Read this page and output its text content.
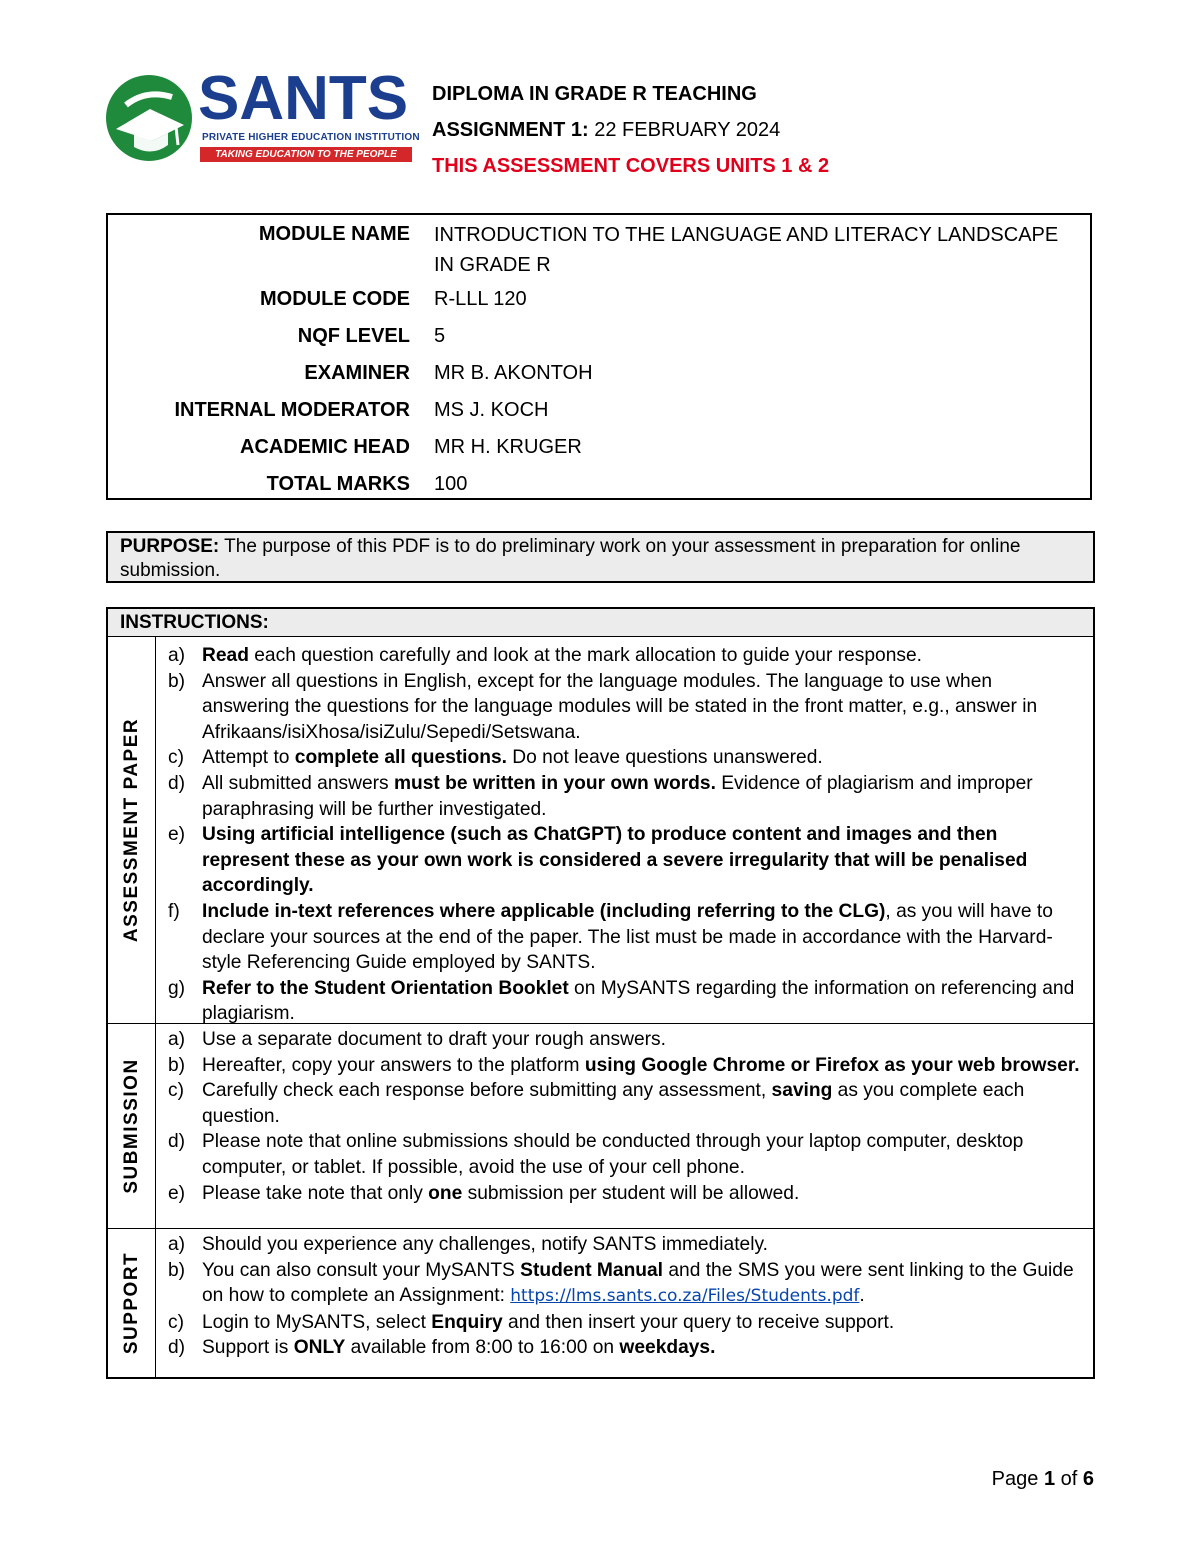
SANTS
PRIVATE HIGHER EDUCATION INSTITUTION
TAKING EDUCATION TO THE PEOPLE
DIPLOMA IN GRADE R TEACHING
ASSIGNMENT 1: 22 FEBRUARY 2024
THIS ASSESSMENT COVERS UNITS 1 & 2
MODULE NAME INTRODUCTION TO THE LANGUAGE AND LITERACY LANDSCAPE IN GRADE R
MODULE CODE R-LLL 120
NQF LEVEL 5
EXAMINER MR B. AKONTOH
INTERNAL MODERATOR MS J. KOCH
ACADEMIC HEAD MR H. KRUGER
TOTAL MARKS 100
PURPOSE: The purpose of this PDF is to do preliminary work on your assessment in preparation for online submission.
INSTRUCTIONS:
ASSESSMENT PAPER
a) Read each question carefully and look at the mark allocation to guide your response.
b) Answer all questions in English, except for the language modules. The language to use when answering the questions for the language modules will be stated in the front matter, e.g., answer in Afrikaans/isiXhosa/isiZulu/Sepedi/Setswana.
c) Attempt to complete all questions. Do not leave questions unanswered.
d) All submitted answers must be written in your own words. Evidence of plagiarism and improper paraphrasing will be further investigated.
e) Using artificial intelligence (such as ChatGPT) to produce content and images and then represent these as your own work is considered a severe irregularity that will be penalised accordingly.
f) Include in-text references where applicable (including referring to the CLG), as you will have to declare your sources at the end of the paper. The list must be made in accordance with the Harvard-style Referencing Guide employed by SANTS.
g) Refer to the Student Orientation Booklet on MySANTS regarding the information on referencing and plagiarism.
SUBMISSION
a) Use a separate document to draft your rough answers.
b) Hereafter, copy your answers to the platform using Google Chrome or Firefox as your web browser.
c) Carefully check each response before submitting any assessment, saving as you complete each question.
d) Please note that online submissions should be conducted through your laptop computer, desktop computer, or tablet. If possible, avoid the use of your cell phone.
e) Please take note that only one submission per student will be allowed.
SUPPORT
a) Should you experience any challenges, notify SANTS immediately.
b) You can also consult your MySANTS Student Manual and the SMS you were sent linking to the Guide on how to complete an Assignment: https://lms.sants.co.za/Files/Students.pdf.
c) Login to MySANTS, select Enquiry and then insert your query to receive support.
d) Support is ONLY available from 8:00 to 16:00 on weekdays.
Page 1 of 6
